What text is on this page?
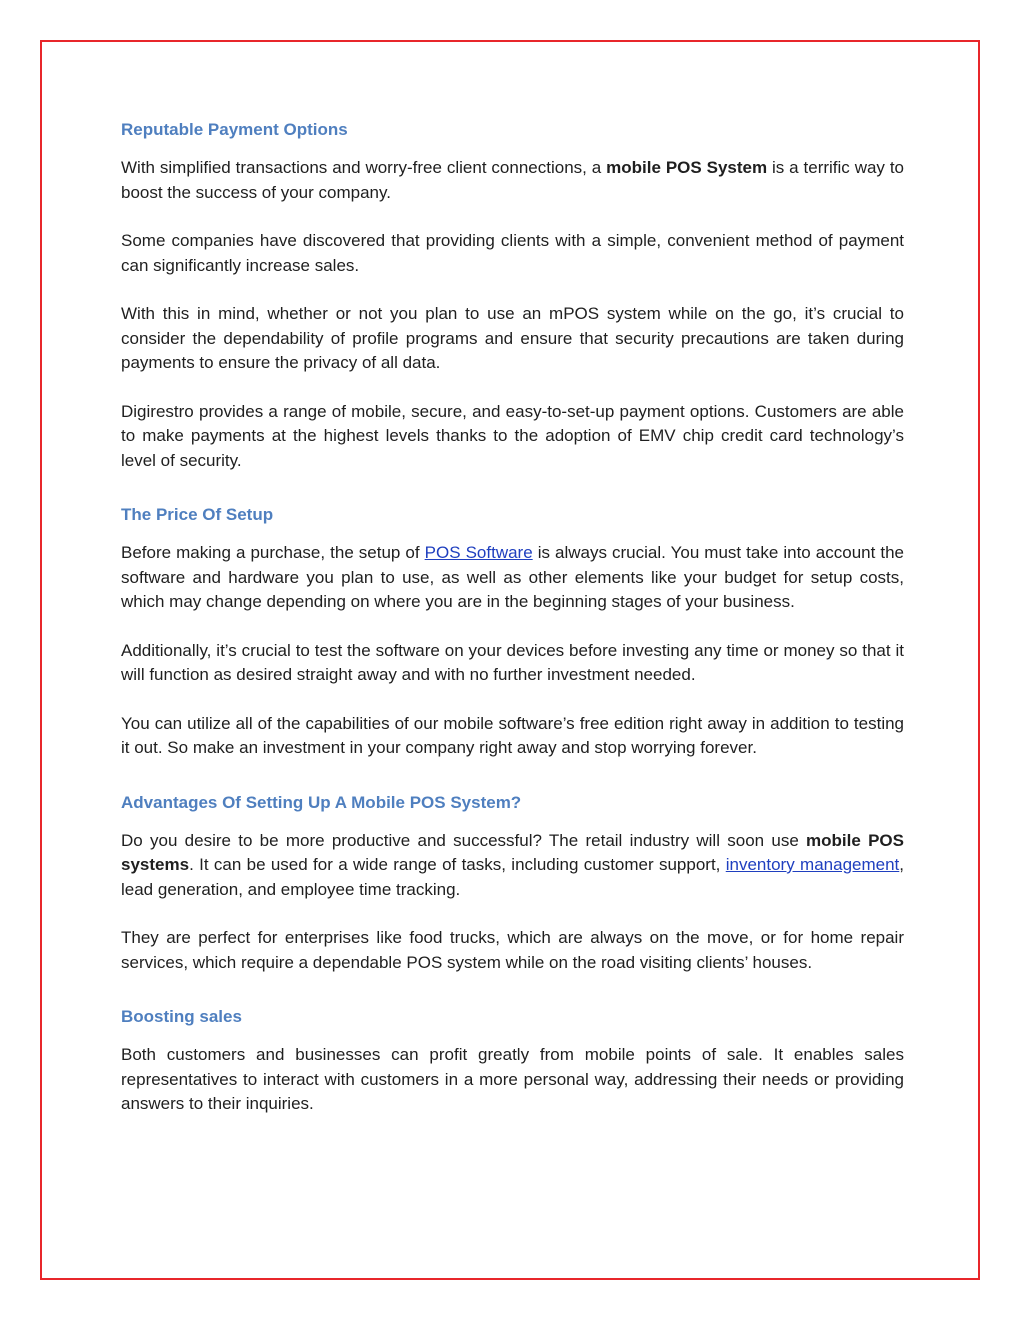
Reputable Payment Options

With simplified transactions and worry-free client connections, a mobile POS System is a terrific way to boost the success of your company.

Some companies have discovered that providing clients with a simple, convenient method of payment can significantly increase sales.

With this in mind, whether or not you plan to use an mPOS system while on the go, it’s crucial to consider the dependability of profile programs and ensure that security precautions are taken during payments to ensure the privacy of all data.

Digirestro provides a range of mobile, secure, and easy-to-set-up payment options. Customers are able to make payments at the highest levels thanks to the adoption of EMV chip credit card technology’s level of security.

The Price Of Setup

Before making a purchase, the setup of POS Software is always crucial. You must take into account the software and hardware you plan to use, as well as other elements like your budget for setup costs, which may change depending on where you are in the beginning stages of your business.

Additionally, it’s crucial to test the software on your devices before investing any time or money so that it will function as desired straight away and with no further investment needed.

You can utilize all of the capabilities of our mobile software’s free edition right away in addition to testing it out. So make an investment in your company right away and stop worrying forever.

Advantages Of Setting Up A Mobile POS System?

Do you desire to be more productive and successful? The retail industry will soon use mobile POS systems. It can be used for a wide range of tasks, including customer support, inventory management, lead generation, and employee time tracking.

They are perfect for enterprises like food trucks, which are always on the move, or for home repair services, which require a dependable POS system while on the road visiting clients’ houses.

Boosting sales

Both customers and businesses can profit greatly from mobile points of sale. It enables sales representatives to interact with customers in a more personal way, addressing their needs or providing answers to their inquiries.
